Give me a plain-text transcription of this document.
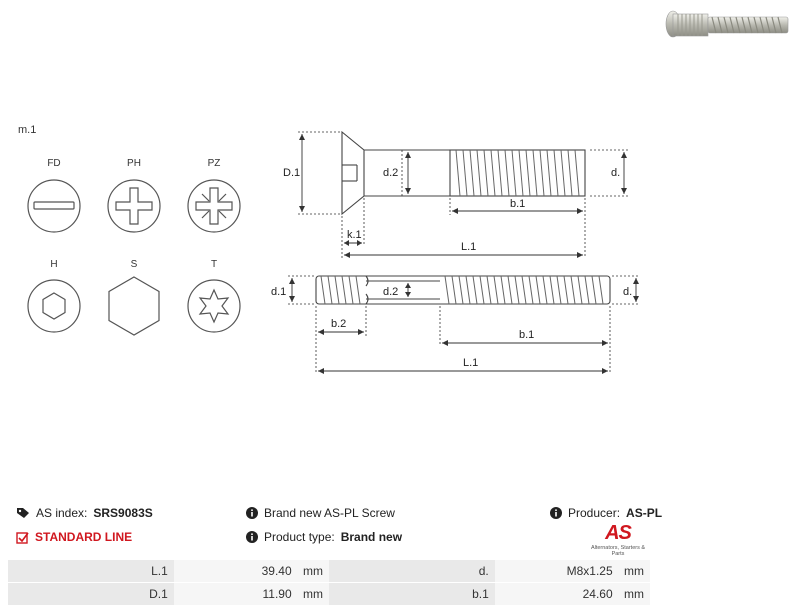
m.1
FD	PH	PZ
H	S	T
D.1	d.2	d.
b.1
k.1
L.1
d.1	d.2	d.
b.2
b.1
L.1
AS index: SRS9083S
STANDARD LINE
Brand new AS-PL Screw
Product type: Brand new
Producer: AS-PL
AS
Alternators, Starters & Parts
L.1	39.40 mm	d.	M8x1.25 mm
D.1	11.90 mm	b.1	24.60 mm
